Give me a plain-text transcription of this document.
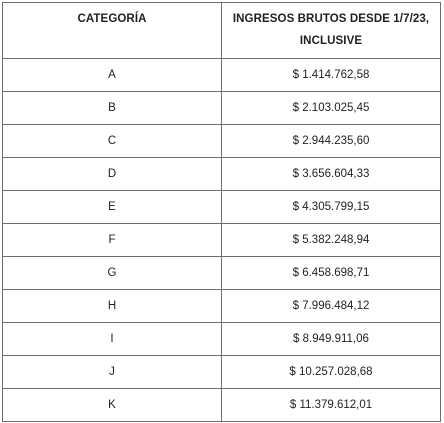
CATEGORÍA	INGRESOS BRUTOS DESDE 1/7/23, INCLUSIVE
A	$ 1.414.762,58
B	$ 2.103.025,45
C	$ 2.944.235,60
D	$ 3.656.604,33
E	$ 4.305.799,15
F	$ 5.382.248,94
G	$ 6.458.698,71
H	$ 7.996.484,12
I	$ 8.949.911,06
J	$ 10.257.028,68
K	$ 11.379.612,01
